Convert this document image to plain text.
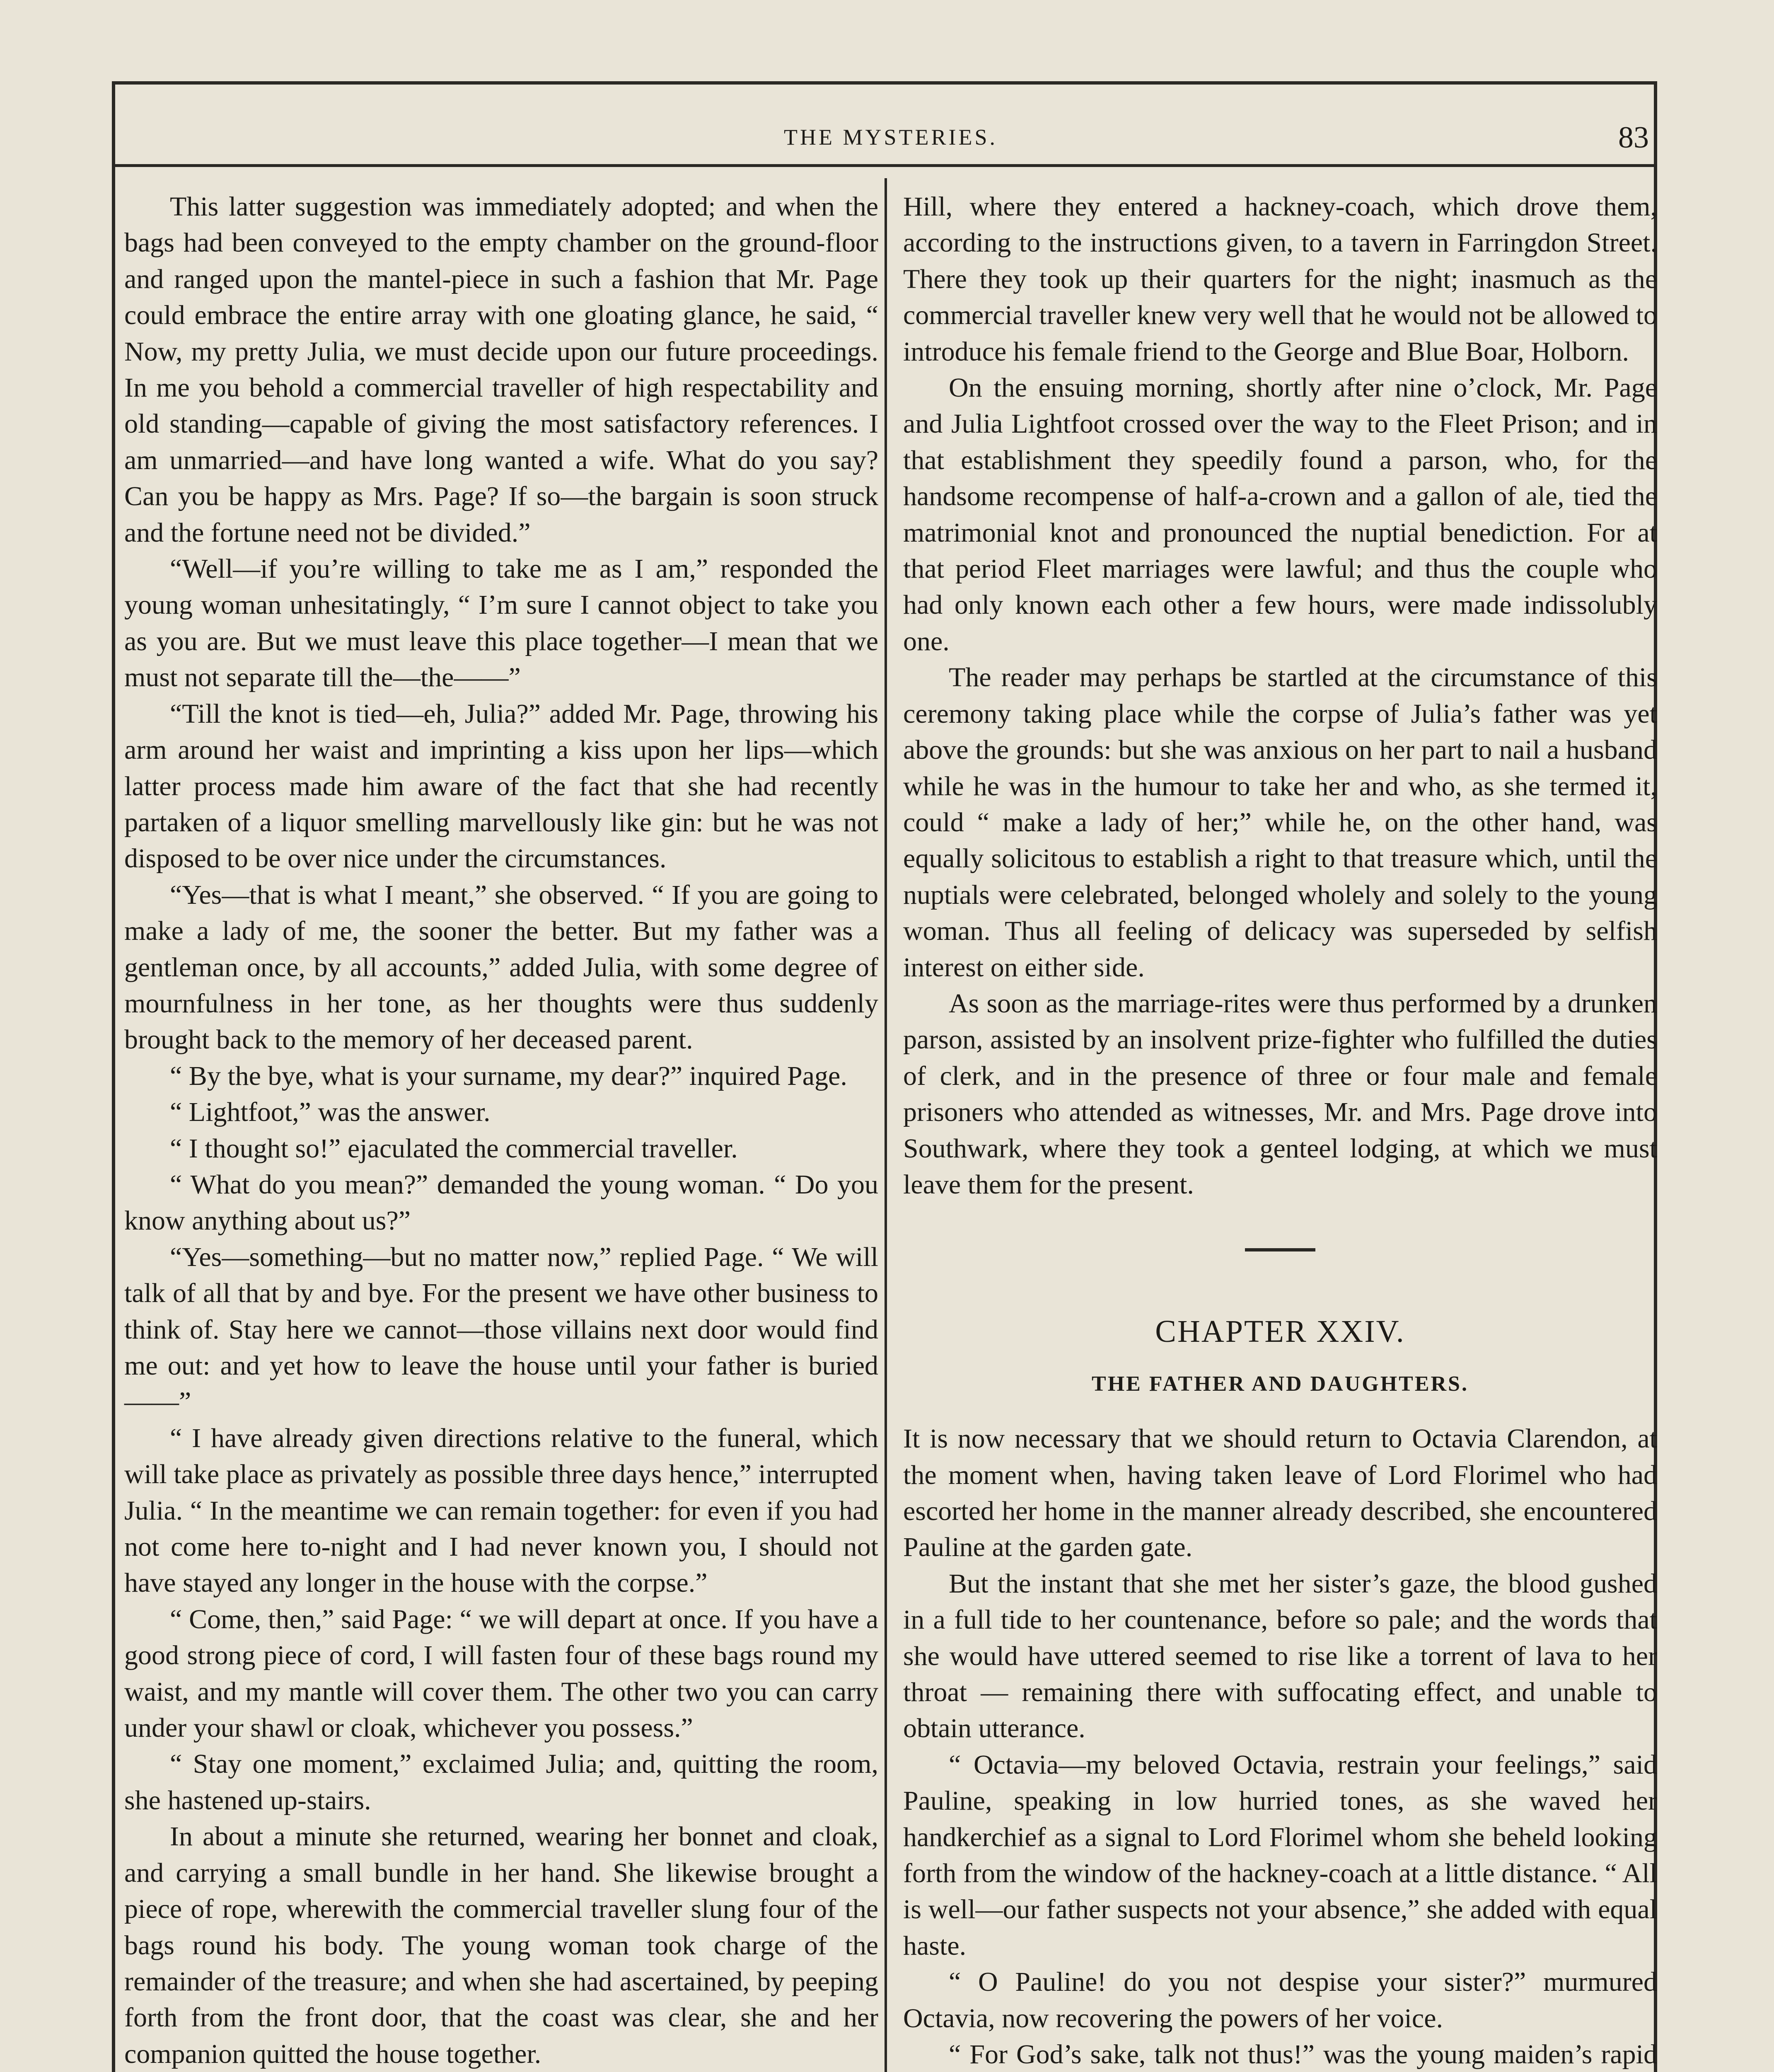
THE MYSTERIES.	83

This latter suggestion was immediately adopted; and when the bags had been conveyed to the empty chamber on the ground-floor and ranged upon the mantel-piece in such a fashion that Mr. Page could embrace the entire array with one gloating glance, he said, “ Now, my pretty Julia, we must decide upon our future proceedings. In me you behold a commercial traveller of high respectability and old standing—capable of giving the most satisfactory references. I am unmarried—and have long wanted a wife. What do you say? Can you be happy as Mrs. Page? If so—the bargain is soon struck and the fortune need not be divided.”

“Well—if you’re willing to take me as I am,” responded the young woman unhesitatingly, “ I’m sure I cannot object to take you as you are. But we must leave this place together—I mean that we must not separate till the—the——”

“Till the knot is tied—eh, Julia?” added Mr. Page, throwing his arm around her waist and imprinting a kiss upon her lips—which latter process made him aware of the fact that she had recently partaken of a liquor smelling marvellously like gin: but he was not disposed to be over nice under the circumstances.

“Yes—that is what I meant,” she observed. “ If you are going to make a lady of me, the sooner the better. But my father was a gentleman once, by all accounts,” added Julia, with some degree of mournfulness in her tone, as her thoughts were thus suddenly brought back to the memory of her deceased parent.

“ By the bye, what is your surname, my dear?” inquired Page.

“ Lightfoot,” was the answer.

“ I thought so!” ejaculated the commercial traveller.

“ What do you mean?” demanded the young woman. “ Do you know anything about us?”

“Yes—something—but no matter now,” replied Page. “ We will talk of all that by and bye. For the present we have other business to think of. Stay here we cannot—those villains next door would find me out: and yet how to leave the house until your father is buried——”

“ I have already given directions relative to the funeral, which will take place as privately as possible three days hence,” interrupted Julia. “ In the meantime we can remain together: for even if you had not come here to-night and I had never known you, I should not have stayed any longer in the house with the corpse.”

“ Come, then,” said Page: “ we will depart at once. If you have a good strong piece of cord, I will fasten four of these bags round my waist, and my mantle will cover them. The other two you can carry under your shawl or cloak, whichever you possess.”

“ Stay one moment,” exclaimed Julia; and, quitting the room, she hastened up-stairs.

In about a minute she returned, wearing her bonnet and cloak, and carrying a small bundle in her hand. She likewise brought a piece of rope, wherewith the commercial traveller slung four of the bags round his body. The young woman took charge of the remainder of the treasure; and when she had ascertained, by peeping forth from the front door, that the coast was clear, she and her companion quitted the house together.

Hill, where they entered a hackney-coach, which drove them, according to the instructions given, to a tavern in Farringdon Street. There they took up their quarters for the night; inasmuch as the commercial traveller knew very well that he would not be allowed to introduce his female friend to the George and Blue Boar, Holborn.

On the ensuing morning, shortly after nine o’clock, Mr. Page and Julia Lightfoot crossed over the way to the Fleet Prison; and in that establishment they speedily found a parson, who, for the handsome recompense of half-a-crown and a gallon of ale, tied the matrimonial knot and pronounced the nuptial benediction. For at that period Fleet marriages were lawful; and thus the couple who had only known each other a few hours, were made indissolubly one.

The reader may perhaps be startled at the circumstance of this ceremony taking place while the corpse of Julia’s father was yet above the grounds: but she was anxious on her part to nail a husband while he was in the humour to take her and who, as she termed it, could “ make a lady of her;” while he, on the other hand, was equally solicitous to establish a right to that treasure which, until the nuptials were celebrated, belonged wholely and solely to the young woman. Thus all feeling of delicacy was superseded by selfish interest on either side.

As soon as the marriage-rites were thus performed by a drunken parson, assisted by an insolvent prize-fighter who fulfilled the duties of clerk, and in the presence of three or four male and female prisoners who attended as witnesses, Mr. and Mrs. Page drove into Southwark, where they took a genteel lodging, at which we must leave them for the present.

CHAPTER XXIV.
THE FATHER AND DAUGHTERS.

It is now necessary that we should return to Octavia Clarendon, at the moment when, having taken leave of Lord Florimel who had escorted her home in the manner already described, she encountered Pauline at the garden gate.

But the instant that she met her sister’s gaze, the blood gushed in a full tide to her countenance, before so pale; and the words that she would have uttered seemed to rise like a torrent of lava to her throat — remaining there with suffocating effect, and unable to obtain utterance.

“ Octavia—my beloved Octavia, restrain your feelings,” said Pauline, speaking in low hurried tones, as she waved her handkerchief as a signal to Lord Florimel whom she beheld looking forth from the window of the hackney-coach at a little distance. “ All is well—our father suspects not your absence,” she added with equal haste.

“ O Pauline! do you not despise your sister?” murmured Octavia, now recovering the powers of her voice.

“ For God’s sake, talk not thus!” was the young maiden’s rapid
